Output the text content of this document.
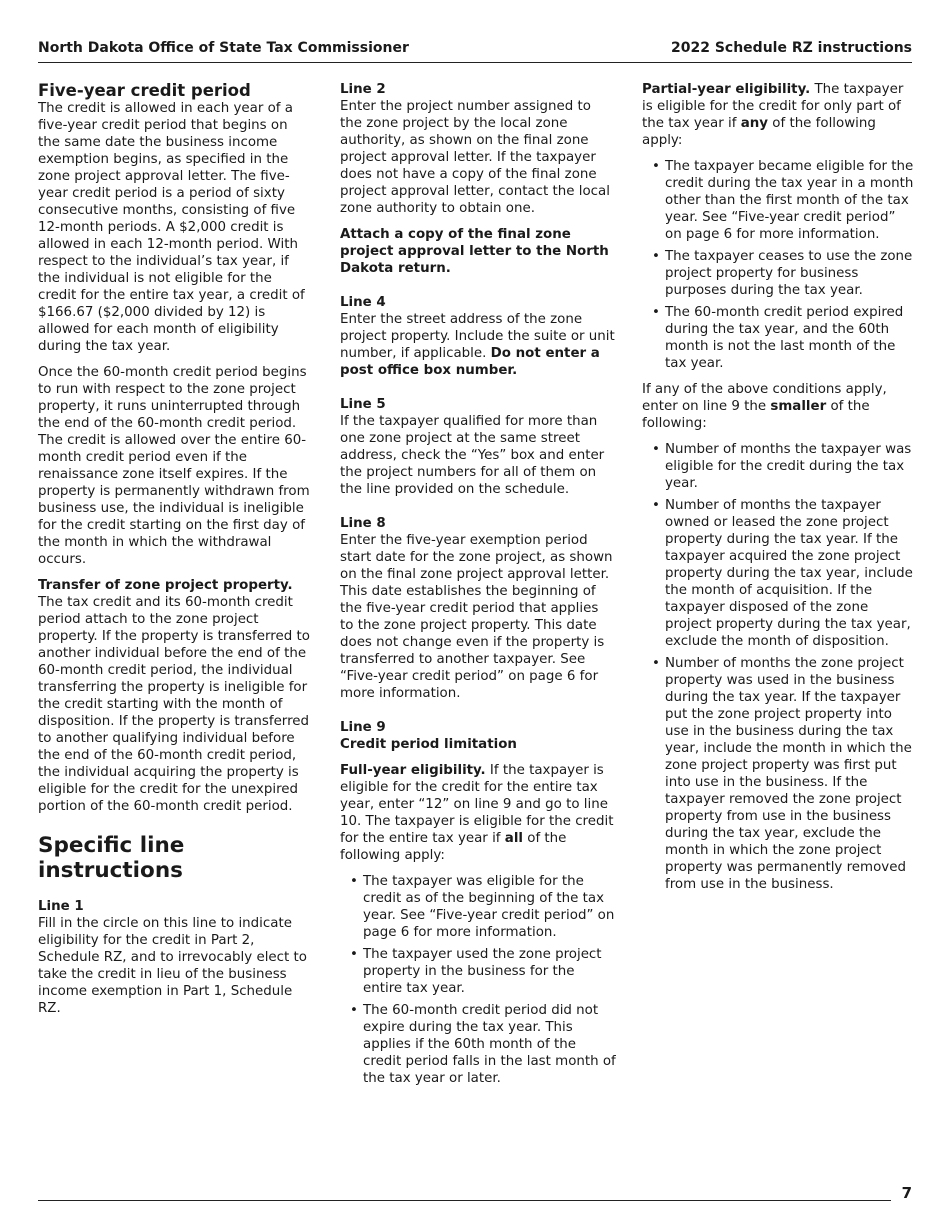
North Dakota Office of State Tax Commissioner	2022 Schedule RZ instructions
Five-year credit period

The credit is allowed in each year of a five-year credit period that begins on the same date the business income exemption begins, as specified in the zone project approval letter. The five-year credit period is a period of sixty consecutive months, consisting of five 12-month periods. A $2,000 credit is allowed in each 12-month period. With respect to the individual’s tax year, if the individual is not eligible for the credit for the entire tax year, a credit of $166.67 ($2,000 divided by 12) is allowed for each month of eligibility during the tax year.

Once the 60-month credit period begins to run with respect to the zone project property, it runs uninterrupted through the end of the 60-month credit period. The credit is allowed over the entire 60-month credit period even if the renaissance zone itself expires. If the property is permanently withdrawn from business use, the individual is ineligible for the credit starting on the first day of the month in which the withdrawal occurs.

Transfer of zone project property.

The tax credit and its 60-month credit period attach to the zone project property. If the property is transferred to another individual before the end of the 60-month credit period, the individual transferring the property is ineligible for the credit starting with the month of disposition. If the property is transferred to another qualifying individual before the end of the 60-month credit period, the individual acquiring the property is eligible for the credit for the unexpired portion of the 60-month credit period.

Specific line instructions
Line 1

Fill in the circle on this line to indicate eligibility for the credit in Part 2, Schedule RZ, and to irrevocably elect to take the credit in lieu of the business income exemption in Part 1, Schedule RZ.

Line 2

Enter the project number assigned to the zone project by the local zone authority, as shown on the final zone project approval letter. If the taxpayer does not have a copy of the final zone project approval letter, contact the local zone authority to obtain one.

Attach a copy of the final zone project approval letter to the North Dakota return.

Line 4

Enter the street address of the zone project property. Include the suite or unit number, if applicable. Do not enter a post office box number.

Line 5

If the taxpayer qualified for more than one zone project at the same street address, check the “Yes” box and enter the project numbers for all of them on the line provided on the schedule.

Line 8

Enter the five-year exemption period start date for the zone project, as shown on the final zone project approval letter. This date establishes the beginning of the five-year credit period that applies to the zone project property. This date does not change even if the property is transferred to another taxpayer. See “Five-year credit period” on page 6 for more information.

Line 9
Credit period limitation

Full-year eligibility. If the taxpayer is eligible for the credit for the entire tax year, enter “12” on line 9 and go to line 10. The taxpayer is eligible for the credit for the entire tax year if all of the following apply:

• The taxpayer was eligible for the credit as of the beginning of the tax year. See “Five-year credit period” on page 6 for more information.
• The taxpayer used the zone project property in the business for the entire tax year.
• The 60-month credit period did not expire during the tax year. This applies if the 60th month of the credit period falls in the last month of the tax year or later.

Partial-year eligibility. The taxpayer is eligible for the credit for only part of the tax year if any of the following apply:

• The taxpayer became eligible for the credit during the tax year in a month other than the first month of the tax year. See “Five-year credit period” on page 6 for more information.
• The taxpayer ceases to use the zone project property for business purposes during the tax year.
• The 60-month credit period expired during the tax year, and the 60th month is not the last month of the tax year.

If any of the above conditions apply, enter on line 9 the smaller of the following:

• Number of months the taxpayer was eligible for the credit during the tax year.
• Number of months the taxpayer owned or leased the zone project property during the tax year. If the taxpayer acquired the zone project property during the tax year, include the month of acquisition. If the taxpayer disposed of the zone project property during the tax year, exclude the month of disposition.
• Number of months the zone project property was used in the business during the tax year. If the taxpayer put the zone project property into use in the business during the tax year, include the month in which the zone project property was first put into use in the business. If the taxpayer removed the zone project property from use in the business during the tax year, exclude the month in which the zone project property was permanently removed from use in the business.
7
